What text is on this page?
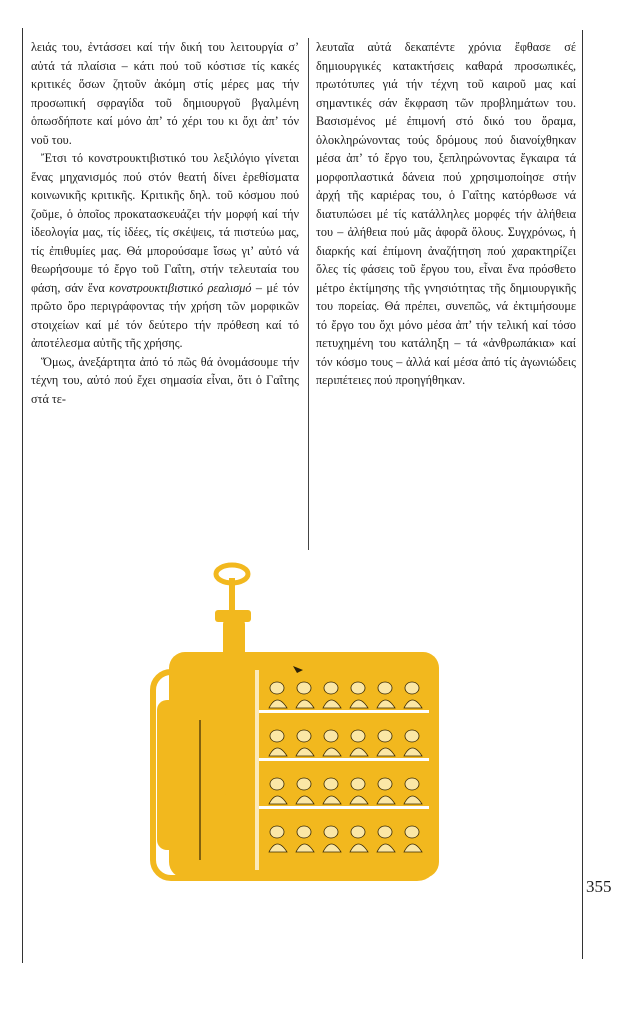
λειάς του, ἐντάσσει καί τήν δική του λειτουργία σ’ αὐτά τά πλαίσια – κάτι πού τοῦ κόστισε τίς κακές κριτικές ὅσων ζητοῦν ἀκόμη στίς μέρες μας τήν προσωπική σφραγίδα τοῦ δημιουργοῦ βγαλμένη ὁπωσδήποτε καί μόνο ἀπ’ τό χέρι του κι ὄχι ἀπ’ τόν νοῦ του.

Ἔτσι τό κονστρουκτιβιστικό του λεξιλόγιο γίνεται ἕνας μηχανισμός πού στόν θεατή δίνει ἐρεθίσματα κοινωνικῆς κριτικῆς. Κριτικῆς δηλ. τοῦ κόσμου πού ζοῦμε, ὁ ὁποῖος προκατασκευάζει τήν μορφή καί τήν ἰδεολογία μας, τίς ἰδέες, τίς σκέψεις, τά πιστεύω μας, τίς ἐπιθυμίες μας. Θά μπορούσαμε ἴσως γι’ αὐτό νά θεωρήσουμε τό ἔργο τοῦ Γαΐτη, στήν τελευταία του φάση, σάν ἕνα κονστρουκτιβιστικό ρεαλισμό – μέ τόν πρῶτο ὅρο περιγράφοντας τήν χρήση τῶν μορφικῶν στοιχείων καί μέ τόν δεύτερο τήν πρόθεση καί τό ἀποτέλεσμα αὐτῆς τῆς χρήσης.

Ὅμως, ἀνεξάρτητα ἀπό τό πῶς θά ὀνομάσουμε τήν τέχνη του, αὐτό πού ἔχει σημασία εἶναι, ὅτι ὁ Γαΐτης στά τε-

λευταῖα αὐτά δεκαπέντε χρόνια ἔφθασε σέ δημιουργικές κατακτήσεις καθαρά προσωπικές, πρωτότυπες γιά τήν τέχνη τοῦ καιροῦ μας καί σημαντικές σάν ἔκφραση τῶν προβλημάτων του. Βασισμένος μέ ἐπιμονή στό δικό του ὅραμα, ὁλοκληρώνοντας τούς δρόμους πού διανοίχθηκαν μέσα ἀπ’ τό ἔργο του, ξεπληρώνοντας ἔγκαιρα τά μορφοπλαστικά δάνεια πού χρησιμοποίησε στήν ἀρχή τῆς καριέρας του, ὁ Γαΐτης κατόρθωσε νά διατυπώσει μέ τίς κατάλληλες μορφές τήν ἀλήθεια του – ἀλήθεια πού μᾶς ἀφορᾶ ὅλους. Συγχρόνως, ἡ διαρκής καί ἐπίμονη ἀναζήτηση πού χαρακτηρίζει ὅλες τίς φάσεις τοῦ ἔργου του, εἶναι ἕνα πρόσθετο μέτρο ἐκτίμησης τῆς γνησιότητας τῆς δημιουργικῆς του πορείας. Θά πρέπει, συνεπῶς, νά ἐκτιμήσουμε τό ἔργο του ὄχι μόνο μέσα ἀπ’ τήν τελική καί τόσο πετυχημένη του κατάληξη – τά «ἀνθρωπάκια» καί τόν κόσμο τους – ἀλλά καί μέσα ἀπό τίς ἀγωνιώδεις περιπέτειες πού προηγήθηκαν.

355
